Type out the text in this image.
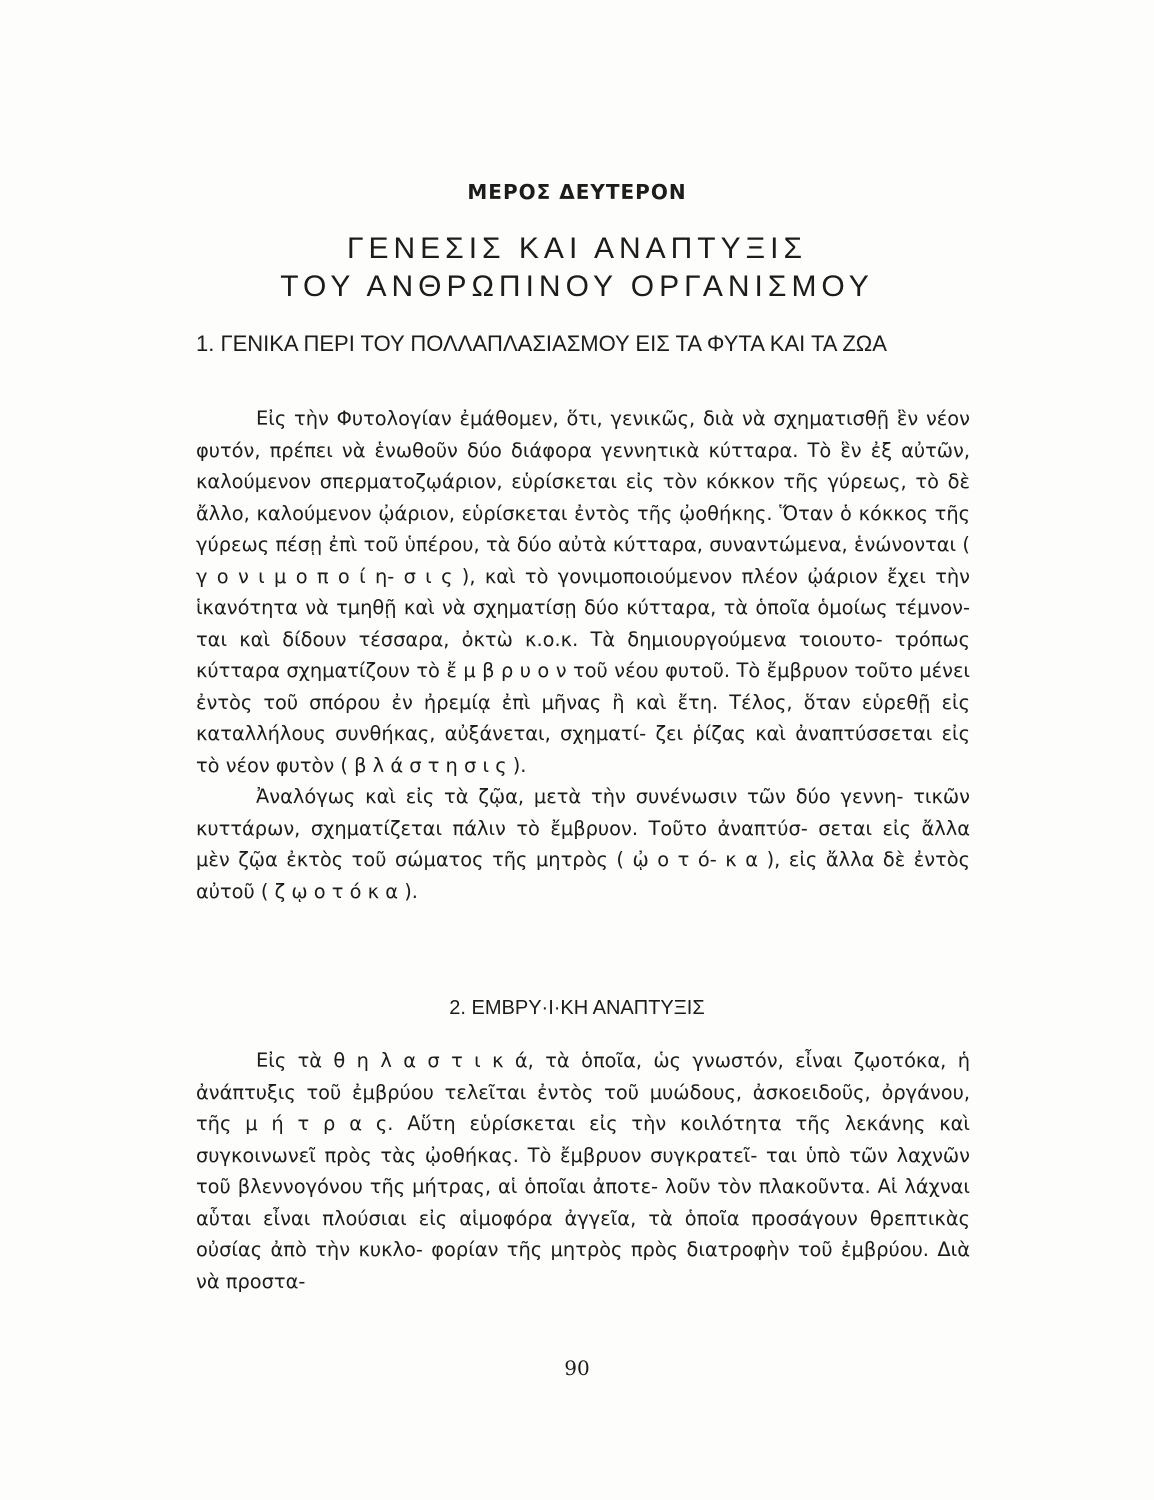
ΜΕΡΟΣ ΔΕΥΤΕΡΟΝ
ΓΕΝΕΣΙΣ ΚΑΙ ΑΝΑΠΤΥΞΙΣ
ΤΟΥ ΑΝΘΡΩΠΙΝΟΥ ΟΡΓΑΝΙΣΜΟΥ
1. ΓΕΝΙΚΑ ΠΕΡΙ ΤΟΥ ΠΟΛΛΑΠΛΑΣΙΑΣΜΟΥ ΕΙΣ ΤΑ ΦΥΤΑ ΚΑΙ ΤΑ ΖΩΑ
Εἰς τὴν Φυτολογίαν ἐμάθομεν, ὅτι, γενικῶς, διὰ νὰ σχηματισθῇ ἓν νέον φυτόν, πρέπει νὰ ἑνωθοῦν δύο διάφορα γεννητικὰ κύτταρα. Τὸ ἓν ἐξ αὐτῶν, καλούμενον σπερματοζῳάριον, εὑρίσκεται εἰς τὸν κόκκον τῆς γύρεως, τὸ δὲ ἄλλο, καλούμενον ᾠάριον, εὑρίσκεται ἐντὸς τῆς ᾠοθήκης. Ὅταν ὁ κόκκος τῆς γύρεως πέσῃ ἐπὶ τοῦ ὑπέρου, τὰ δύο αὐτὰ κύτταρα, συναντώμενα, ἑνώνονται ( γ ο ν ι μ ο π ο ί η- σ ι ς ), καὶ τὸ γονιμοποιούμενον πλέον ᾠάριον ἔχει τὴν ἱκανότητα νὰ τμηθῇ καὶ νὰ σχηματίσῃ δύο κύτταρα, τὰ ὁποῖα ὁμοίως τέμνον- ται καὶ δίδουν τέσσαρα, ὀκτὼ κ.ο.κ. Τὰ δημιουργούμενα τοιουτο- τρόπως κύτταρα σχηματίζουν τὸ ἔ μ β ρ υ ο ν τοῦ νέου φυτοῦ. Τὸ ἔμβρυον τοῦτο μένει ἐντὸς τοῦ σπόρου ἐν ἠρεμίᾳ ἐπὶ μῆνας ἢ καὶ ἔτη. Τέλος, ὅταν εὑρεθῇ εἰς καταλλήλους συνθήκας, αὐξάνεται, σχηματί- ζει ῥίζας καὶ ἀναπτύσσεται εἰς τὸ νέον φυτὸν ( β λ ά σ τ η σ ι ς ).
Ἀναλόγως καὶ εἰς τὰ ζῷα, μετὰ τὴν συνένωσιν τῶν δύο γεννη- τικῶν κυττάρων, σχηματίζεται πάλιν τὸ ἔμβρυον. Τοῦτο ἀναπτύσ- σεται εἰς ἄλλα μὲν ζῷα ἐκτὸς τοῦ σώματος τῆς μητρὸς ( ᾠ ο τ ό- κ α ), εἰς ἄλλα δὲ ἐντὸς αὐτοῦ ( ζ ῳ ο τ ό κ α ).
2. ΕΜΒΡΥ·Ι·ΚΗ ΑΝΑΠΤΥΞΙΣ
Εἰς τὰ θ η λ α σ τ ι κ ά, τὰ ὁποῖα, ὡς γνωστόν, εἶναι ζῳοτόκα, ἡ ἀνάπτυξις τοῦ ἐμβρύου τελεῖται ἐντὸς τοῦ μυώδους, ἀσκοειδοῦς, ὀργάνου, τῆς μ ή τ ρ α ς. Αὕτη εὑρίσκεται εἰς τὴν κοιλότητα τῆς λεκάνης καὶ συγκοινωνεῖ πρὸς τὰς ᾠοθήκας. Τὸ ἔμβρυον συγκρατεῖ- ται ὑπὸ τῶν λαχνῶν τοῦ βλεννογόνου τῆς μήτρας, αἱ ὁποῖαι ἀποτε- λοῦν τὸν πλακοῦντα. Αἱ λάχναι αὗται εἶναι πλούσιαι εἰς αἱμοφόρα ἀγγεῖα, τὰ ὁποῖα προσάγουν θρεπτικὰς οὐσίας ἀπὸ τὴν κυκλο- φορίαν τῆς μητρὸς πρὸς διατροφὴν τοῦ ἐμβρύου. Διὰ νὰ προστα-
90
